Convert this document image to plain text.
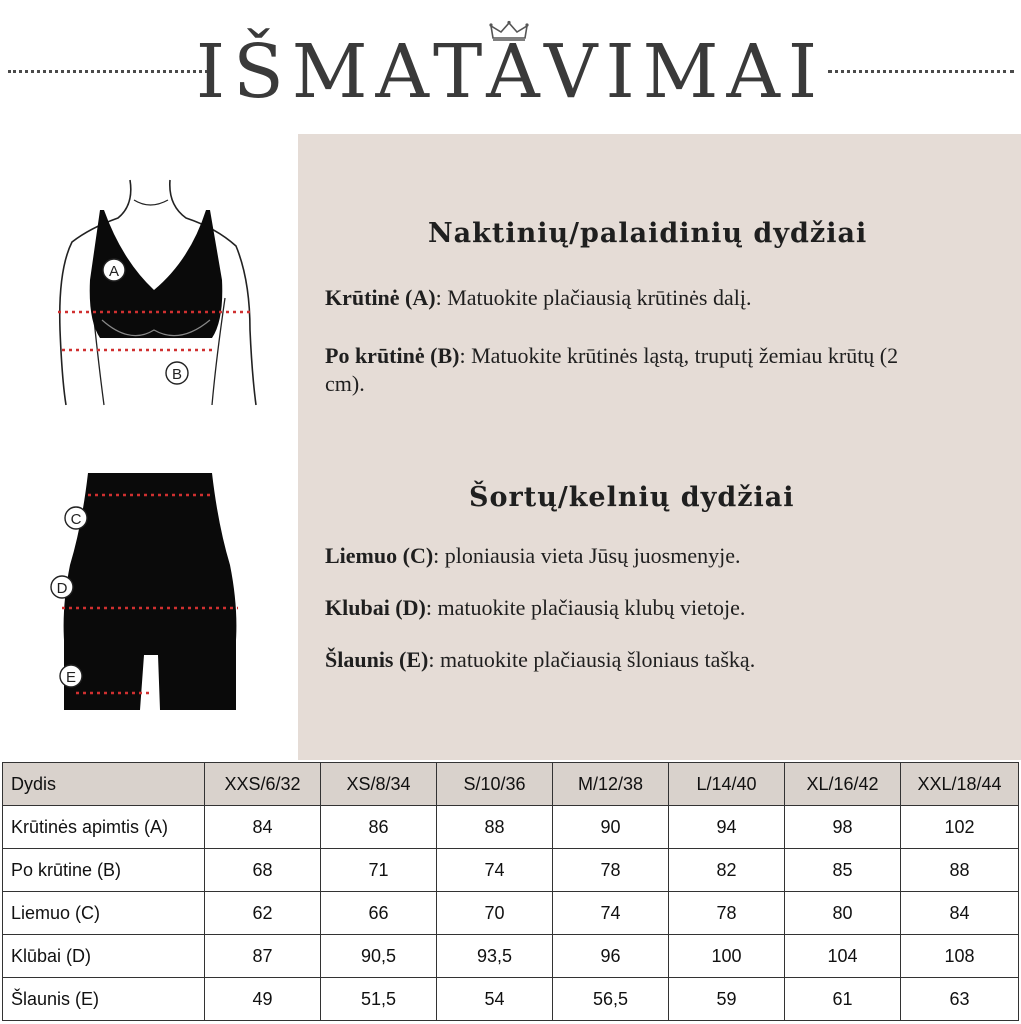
IŠMATAVIMAI
A
B
C
D
E
Naktinių/palaidinių dydžiai
Krūtinė (A): Matuokite plačiausią krūtinės dalį.
Po krūtinė (B): Matuokite krūtinės ląstą, truputį žemiau krūtų (2 cm).
Šortų/kelnių dydžiai
Liemuo (C): ploniausia vieta Jūsų juosmenyje.
Klubai (D): matuokite plačiausią klubų vietoje.
Šlaunis (E): matuokite plačiausią šloniaus tašką.
Dydis	XXS/6/32	XS/8/34	S/10/36	M/12/38	L/14/40	XL/16/42	XXL/18/44
Krūtinės apimtis (A)	84	86	88	90	94	98	102
Po krūtine (B)	68	71	74	78	82	85	88
Liemuo (C)	62	66	70	74	78	80	84
Klūbai (D)	87	90,5	93,5	96	100	104	108
Šlaunis (E)	49	51,5	54	56,5	59	61	63
